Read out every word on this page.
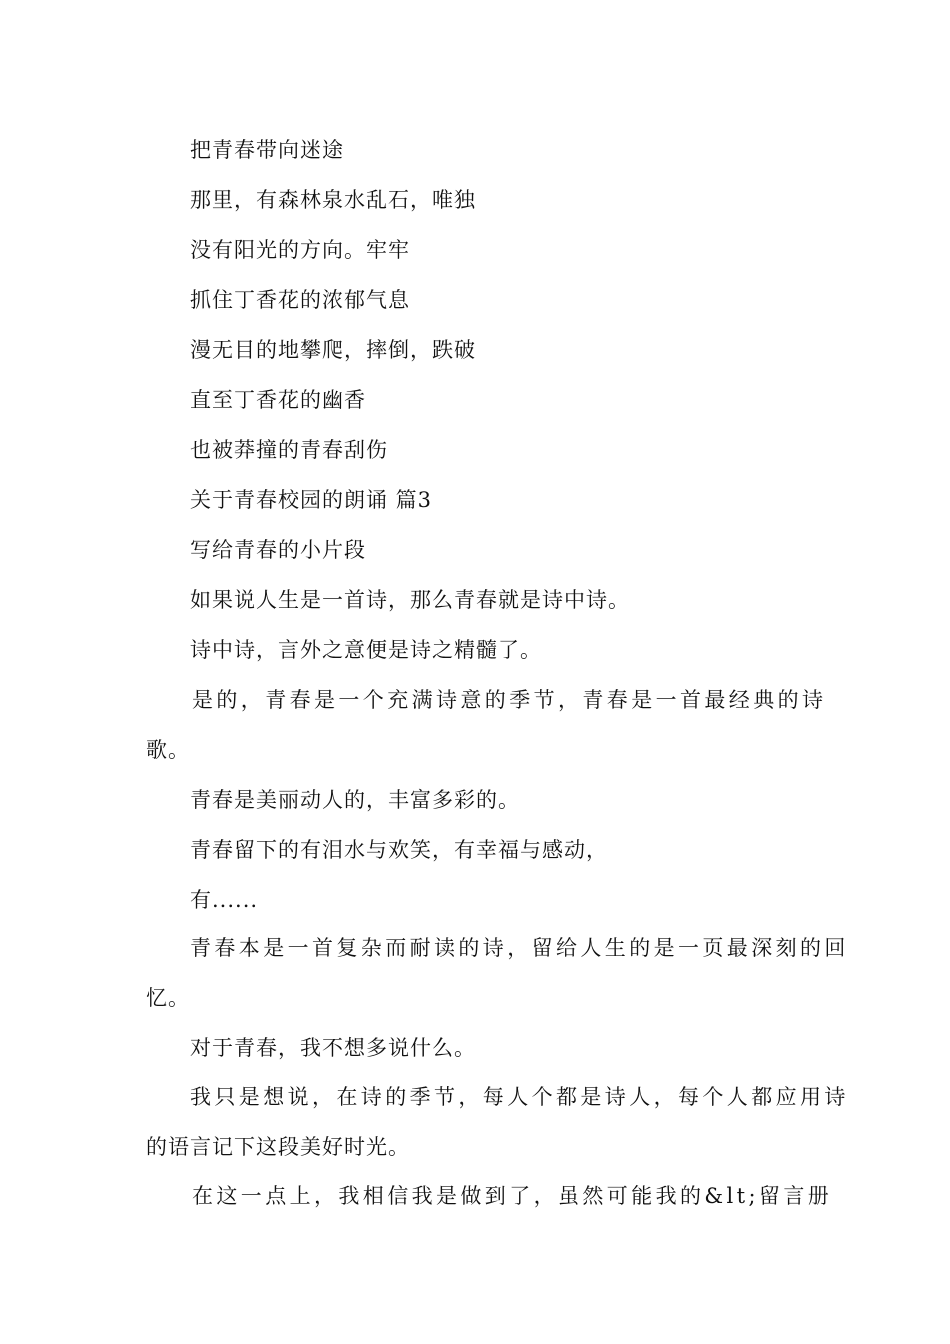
把青春带向迷途
那里，有森林泉水乱石，唯独
没有阳光的方向。牢牢
抓住丁香花的浓郁气息
漫无目的地攀爬，摔倒，跌破
直至丁香花的幽香
也被莽撞的青春刮伤
关于青春校园的朗诵 篇3
写给青春的小片段
如果说人生是一首诗，那么青春就是诗中诗。
诗中诗，言外之意便是诗之精髓了。
是的，青春是一个充满诗意的季节，青春是一首最经典的诗
歌。
青春是美丽动人的，丰富多彩的。
青春留下的有泪水与欢笑，有幸福与感动，
有......
青春本是一首复杂而耐读的诗，留给人生的是一页最深刻的回
忆。
对于青春，我不想多说什么。
我只是想说，在诗的季节，每人个都是诗人，每个人都应用诗
的语言记下这段美好时光。
在这一点上，我相信我是做到了，虽然可能我的&lt;留言册
